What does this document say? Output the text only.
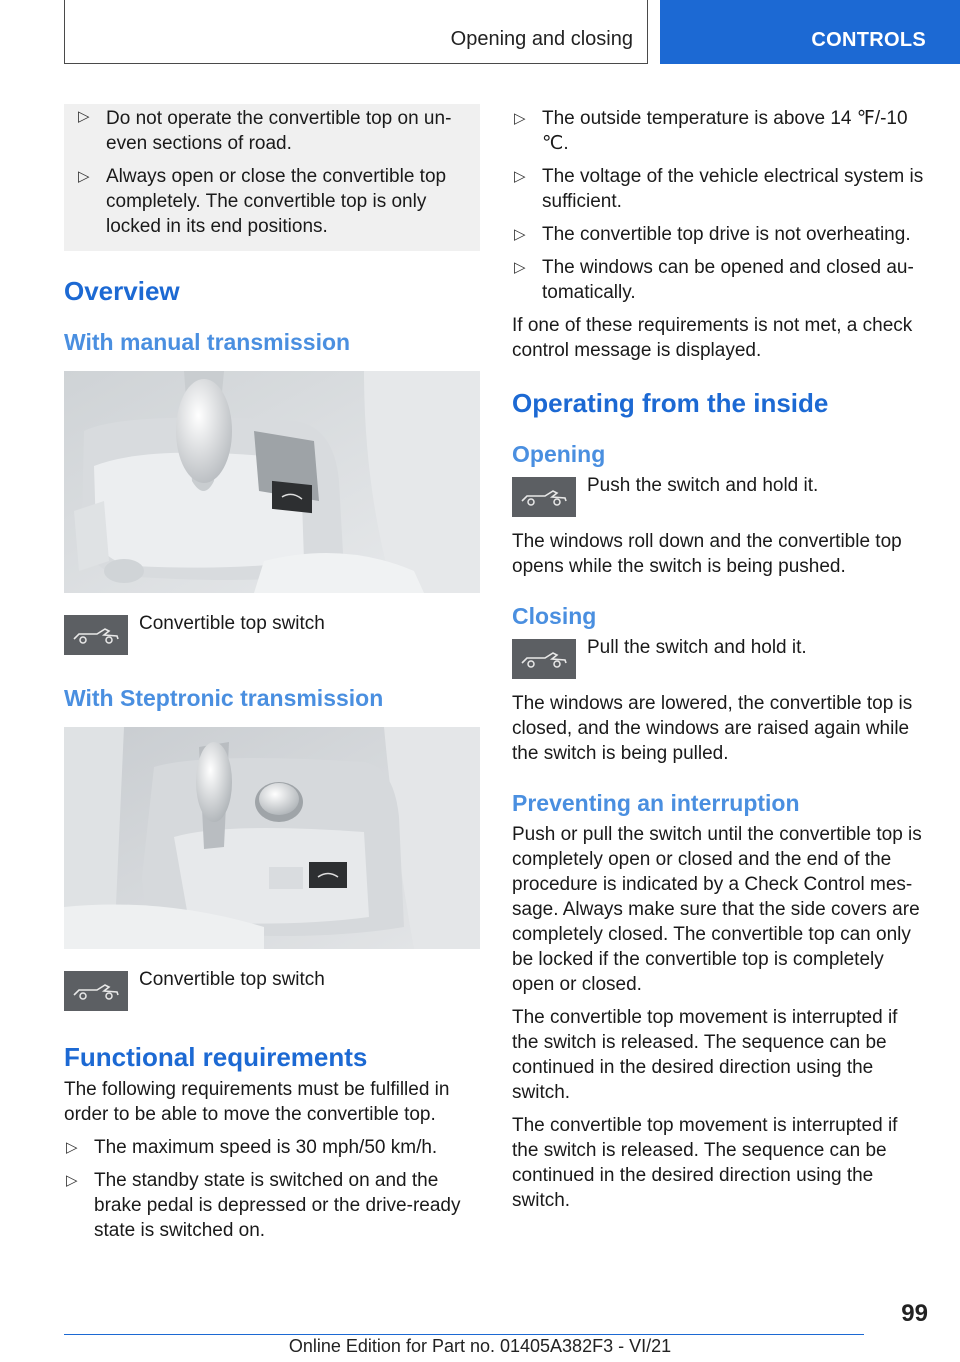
Opening and closing	CONTROLS
▷ Do not operate the convertible top on un-even sections of road.
▷ Always open or close the convertible top completely. The convertible top is only locked in its end positions.
Overview
With manual transmission
Convertible top switch
With Steptronic transmission
Convertible top switch
Functional requirements

The following requirements must be fulfilled in order to be able to move the convertible top.

▷ The maximum speed is 30 mph/50 km/h.
▷ The standby state is switched on and the brake pedal is depressed or the drive-ready state is switched on.
▷ The outside temperature is above 14 ℉/-10 ℃.
▷ The voltage of the vehicle electrical system is sufficient.
▷ The convertible top drive is not overheating.
▷ The windows can be opened and closed au-tomatically.

If one of these requirements is not met, a check control message is displayed.

Operating from the inside
Opening
Push the switch and hold it.

The windows roll down and the convertible top opens while the switch is being pushed.

Closing
Pull the switch and hold it.

The windows are lowered, the convertible top is closed, and the windows are raised again while the switch is being pulled.

Preventing an interruption

Push or pull the switch until the convertible top is completely open or closed and the end of the procedure is indicated by a Check Control mes-sage. Always make sure that the side covers are completely closed. The convertible top can only be locked if the convertible top is completely open or closed.

The convertible top movement is interrupted if the switch is released. The sequence can be continued in the desired direction using the switch.

The convertible top movement is interrupted if the switch is released. The sequence can be continued in the desired direction using the switch.

99
Online Edition for Part no. 01405A382F3 - VI/21
